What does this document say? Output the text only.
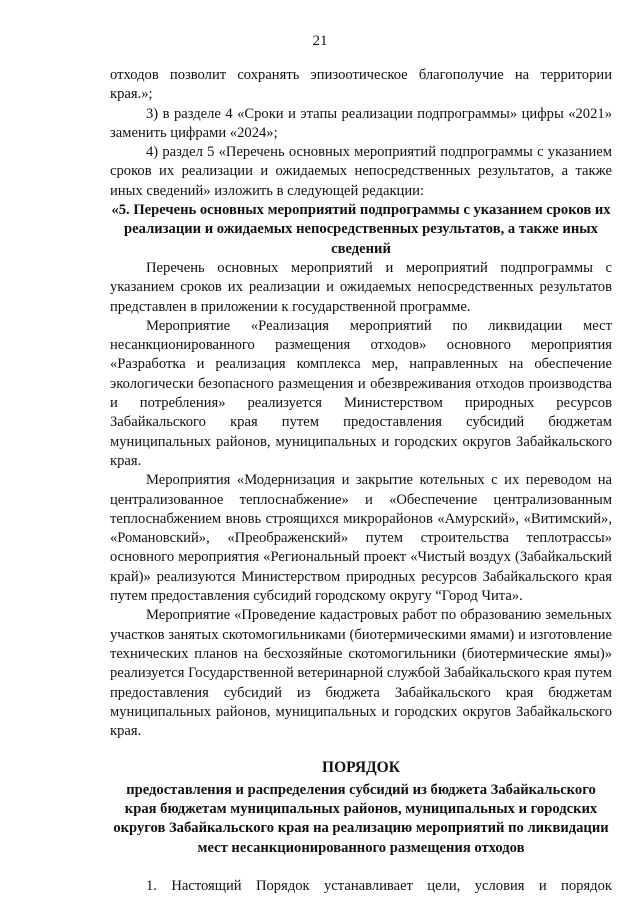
21

отходов позволит сохранять эпизоотическое благополучие на территории края.»;

3) в разделе 4 «Сроки и этапы реализации подпрограммы» цифры «2021» заменить цифрами «2024»;

4) раздел 5 «Перечень основных мероприятий подпрограммы с указанием сроков их реализации и ожидаемых непосредственных результатов, а также иных сведений» изложить в следующей редакции:

«5. Перечень основных мероприятий подпрограммы с указанием сроков их реализации и ожидаемых непосредственных результатов, а также иных сведений

Перечень основных мероприятий и мероприятий подпрограммы с указанием сроков их реализации и ожидаемых непосредственных результатов представлен в приложении к государственной программе.

Мероприятие «Реализация мероприятий по ликвидации мест несанкционированного размещения отходов» основного мероприятия «Разработка и реализация комплекса мер, направленных на обеспечение экологически безопасного размещения и обезвреживания отходов производства и потребления» реализуется Министерством природных ресурсов Забайкальского края путем предоставления субсидий бюджетам муниципальных районов, муниципальных и городских округов Забайкальского края.

Мероприятия «Модернизация и закрытие котельных с их переводом на централизованное теплоснабжение» и «Обеспечение централизованным теплоснабжением вновь строящихся микрорайонов «Амурский», «Витимский», «Романовский», «Преображенский» путем строительства теплотрассы» основного мероприятия «Региональный проект «Чистый воздух (Забайкальский край)» реализуются Министерством природных ресурсов Забайкальского края путем предоставления субсидий городскому округу “Город Чита».

Мероприятие «Проведение кадастровых работ по образованию земельных участков занятых скотомогильниками (биотермическими ямами) и изготовление технических планов на бесхозяйные скотомогильники (биотермические ямы)» реализуется Государственной ветеринарной службой Забайкальского края путем предоставления субсидий из бюджета Забайкальского края бюджетам муниципальных районов, муниципальных и городских округов Забайкальского края.

ПОРЯДОК

предоставления и распределения субсидий из бюджета Забайкальского края бюджетам муниципальных районов, муниципальных и городских округов Забайкальского края на реализацию мероприятий по ликвидации мест несанкционированного размещения отходов

1. Настоящий Порядок устанавливает цели, условия и порядок
